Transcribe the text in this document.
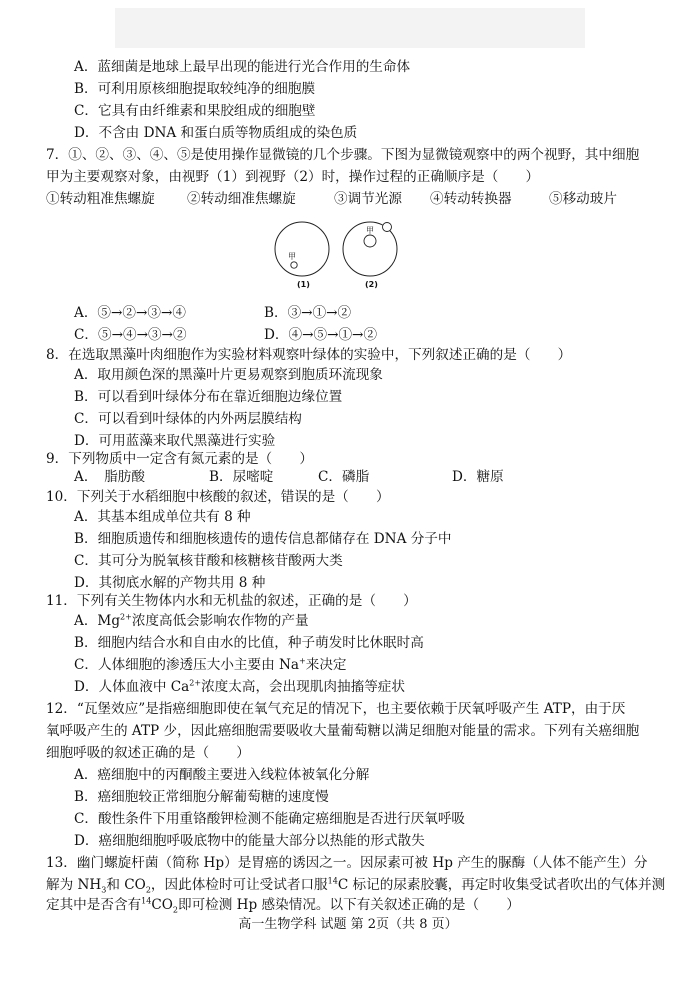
A．蓝细菌是地球上最早出现的能进行光合作用的生命体
B．可利用原核细胞提取较纯净的细胞膜
C．它具有由纤维素和果胶组成的细胞壁
D．不含由 DNA 和蛋白质等物质组成的染色质
7．①、②、③、④、⑤是使用操作显微镜的几个步骤。下图为显微镜观察中的两个视野，其中细胞
甲为主要观察对象，由视野（1）到视野（2）时，操作过程的正确顺序是（　　）
①转动粗准焦螺旋 ②转动细准焦螺旋	③调节光源 ④转动转换器	⑤移动玻片
甲
甲
(1)	(2)
A．⑤→②→③→④	B．③→①→②
C．⑤→④→③→②	D．④→⑤→①→②
8．在选取黑藻叶肉细胞作为实验材料观察叶绿体的实验中，下列叙述正确的是（　　）
A．取用颜色深的黑藻叶片更易观察到胞质环流现象
B．可以看到叶绿体分布在靠近细胞边缘位置
C．可以看到叶绿体的内外两层膜结构
D．可用蓝藻来取代黑藻进行实验
9．下列物质中一定含有氮元素的是（　　）
A．　脂肪酸	B．尿嘧啶	C．磷脂	D．糖原
10．下列关于水稻细胞中核酸的叙述，错误的是（　　）
A．其基本组成单位共有 8 种
B．细胞质遗传和细胞核遗传的遗传信息都储存在 DNA 分子中
C．其可分为脱氧核苷酸和核糖核苷酸两大类
D．其彻底水解的产物共用 8 种
11．下列有关生物体内水和无机盐的叙述，正确的是（　　）
A．$Mg^{2+}$浓度高低会影响农作物的产量
B．细胞内结合水和自由水的比值，种子萌发时比休眠时高
C．人体细胞的渗透压大小主要由 Na+来决定
D．人体血液中 $Ca^{2+}$浓度太高，会出现肌肉抽搐等症状
12．“瓦堡效应”是指癌细胞即使在氧气充足的情况下，也主要依赖于厌氧呼吸产生 ATP，由于厌
氧呼吸产生的 ATP 少，因此癌细胞需要吸收大量葡萄糖以满足细胞对能量的需求。下列有关癌细胞
细胞呼吸的叙述正确的是（　　）
A．癌细胞中的丙酮酸主要进入线粒体被氧化分解
B．癌细胞较正常细胞分解葡萄糖的速度慢
C．酸性条件下用重铬酸钾检测不能确定癌细胞是否进行厌氧呼吸
D．癌细胞细胞呼吸底物中的能量大部分以热能的形式散失
13．幽门螺旋杆菌（简称 Hp）是胃癌的诱因之一。因尿素可被 Hp 产生的脲酶（人体不能产生）分
解为 $NH_3$和 $CO_2$，因此体检时可让受试者口服$^{14}$C 标记的尿素胶囊，再定时收集受试者吹出的气体并测
定其中是否含有$^{14}CO_2$即可检测 Hp 感染情况。以下有关叙述正确的是（　　）
高一生物学科 试题 第 2页（共 8 页）
